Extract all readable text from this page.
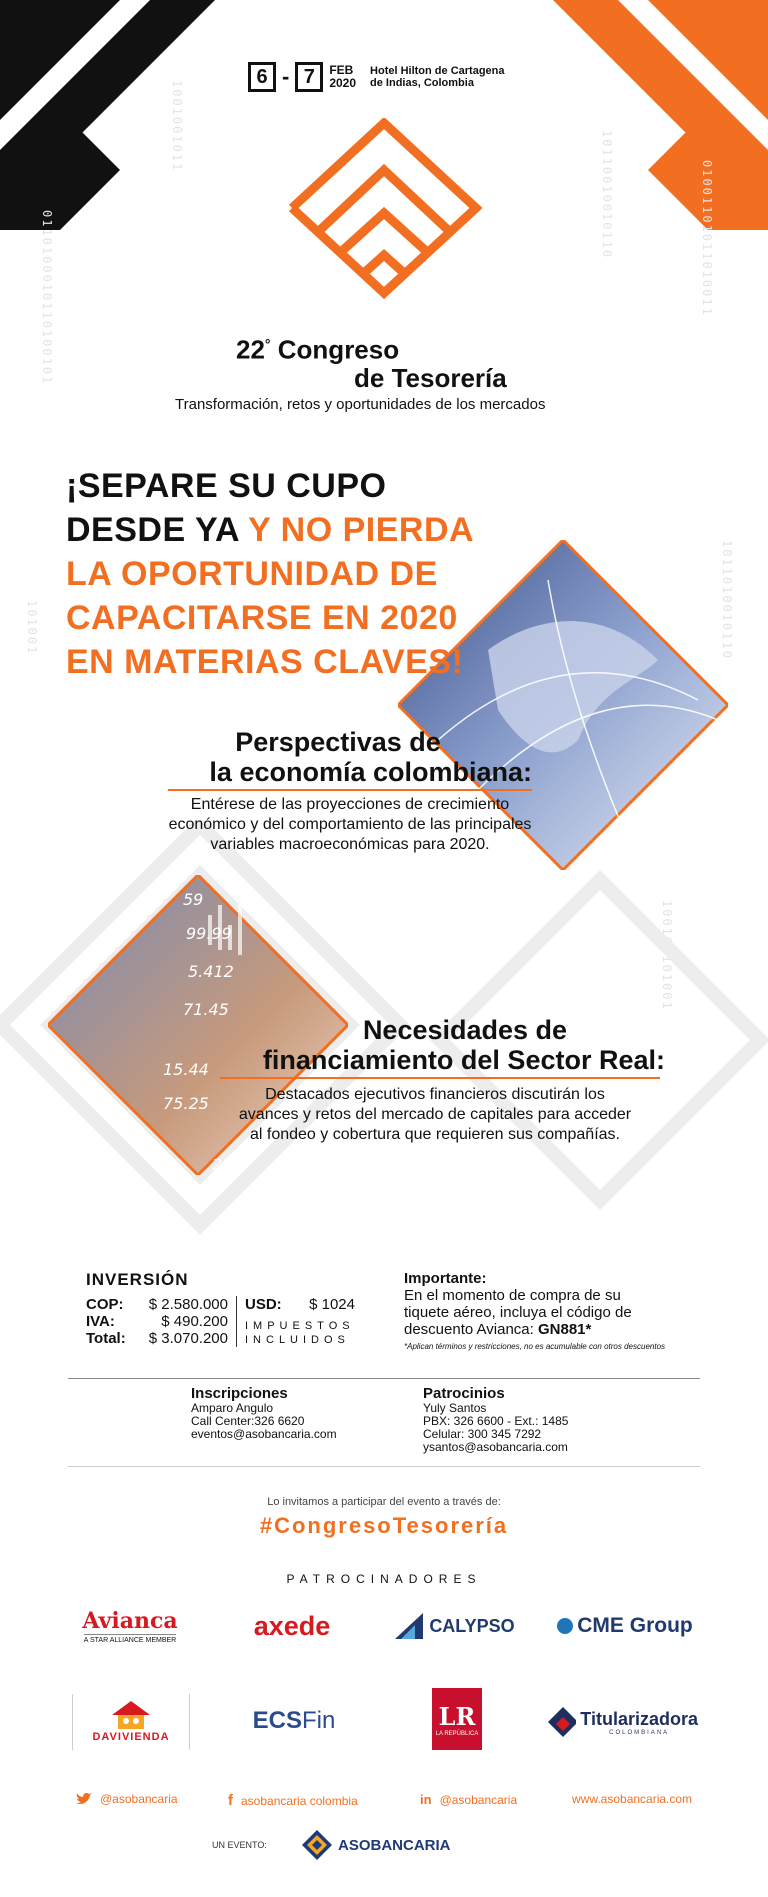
0110100010110100101
1001001011
10110010010110	01001101011010011
1011010010110
101001
100101101001
6 - 7	FEB
2020
Hotel Hilton de Cartagena
de Indias, Colombia
22° Congreso
de Tesorería
Transformación, retos y oportunidades de los mercados
59
99.99
5.412
71.45
15.44
75.25
233
¡SEPARE SU CUPO
DESDE YA Y NO PIERDA
LA OPORTUNIDAD DE
CAPACITARSE EN 2020
EN MATERIAS CLAVES!
Perspectivas de
la economía colombiana:
Entérese de las proyecciones de crecimiento
económico y del comportamiento de las principales
variables macroeconómicas para 2020.
Necesidades de
financiamiento del Sector Real:
Destacados ejecutivos financieros discutirán los
avances y retos del mercado de capitales para acceder
al fondeo y cobertura que requieren sus compañías.
INVERSIÓN
COP:	$ 2.580.000
IVA:	$ 490.200
Total:	$ 3.070.200
USD: $ 1024
IMPUESTOS
INCLUIDOS
Importante:
En el momento de compra de su
tiquete aéreo, incluya el código de
descuento Avianca: GN881*
*Aplican términos y restricciones, no es acumulable con otros descuentos
Inscripciones
Amparo Angulo
Call Center:326 6620
eventos@asobancaria.com
Patrocinios
Yuly Santos
PBX: 326 6600 - Ext.: 1485
Celular: 300 345 7292
ysantos@asobancaria.com
Lo invitamos a participar del evento a través de:
#CongresoTesorería
PATROCINADORES
Avianca
A STAR ALLIANCE MEMBER	axede	CALYPSO	CME Group
DAVIVIENDA
ECS Fin	LR
LA REPÚBLICA
Titularizadora
COLOMBIANA
@asobancaria	f asobancaria colombia	in @asobancaria	www.asobancaria.com
UN EVENTO:	ASOBANCARIA
